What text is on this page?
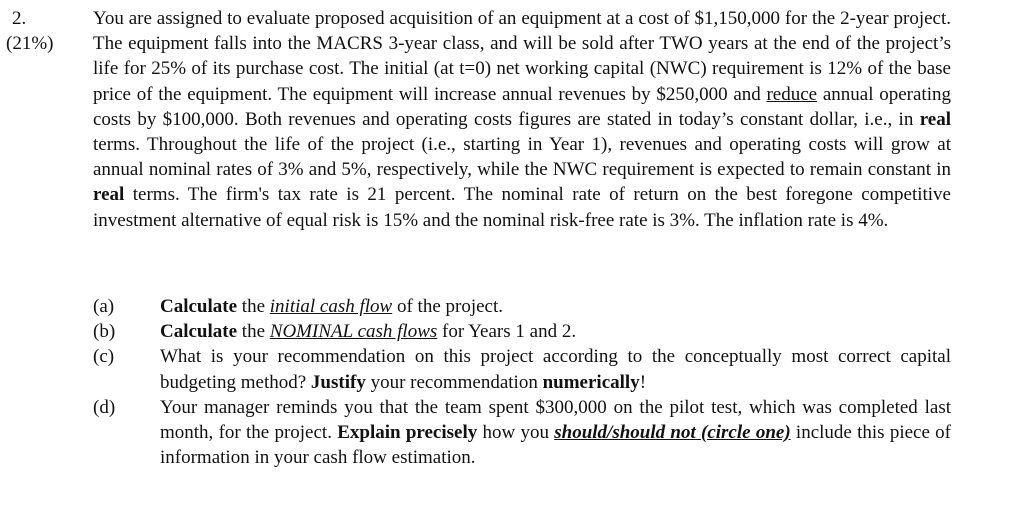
2.
(21%)

You are assigned to evaluate proposed acquisition of an equipment at a cost of $1,150,000 for the 2-year project. The equipment falls into the MACRS 3-year class, and will be sold after TWO years at the end of the project’s life for 25% of its purchase cost. The initial (at t=0) net working capital (NWC) requirement is 12% of the base price of the equipment. The equipment will increase annual revenues by $250,000 and reduce annual operating costs by $100,000. Both revenues and operating costs figures are stated in today’s constant dollar, i.e., in real terms. Throughout the life of the project (i.e., starting in Year 1), revenues and operating costs will grow at annual nominal rates of 3% and 5%, respectively, while the NWC requirement is expected to remain constant in real terms. The firm's tax rate is 21 percent. The nominal rate of return on the best foregone competitive investment alternative of equal risk is 15% and the nominal risk-free rate is 3%. The inflation rate is 4%.

(a) Calculate the initial cash flow of the project.
(b) Calculate the NOMINAL cash flows for Years 1 and 2.
(c) What is your recommendation on this project according to the conceptually most correct capital budgeting method? Justify your recommendation numerically!
(d) Your manager reminds you that the team spent $300,000 on the pilot test, which was completed last month, for the project. Explain precisely how you should/should not (circle one) include this piece of information in your cash flow estimation.
